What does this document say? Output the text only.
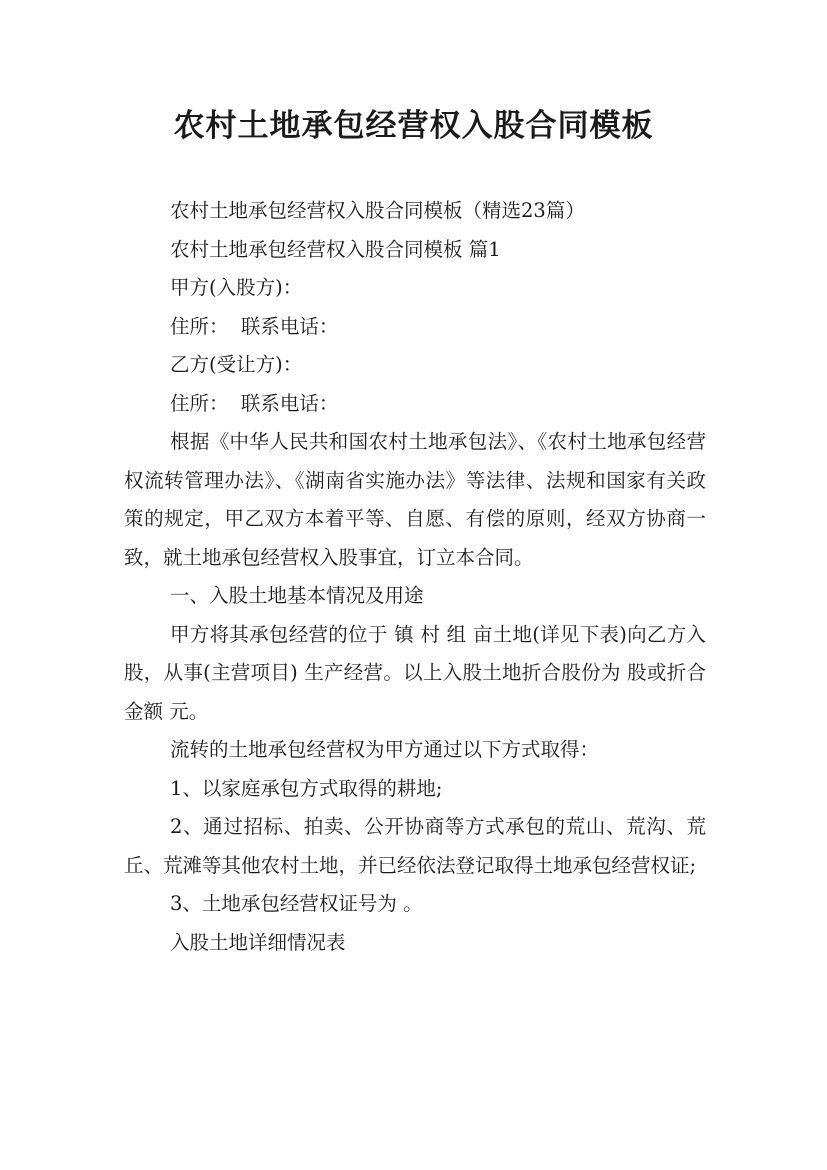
农村土地承包经营权入股合同模板

农村土地承包经营权入股合同模板（精选23篇）

农村土地承包经营权入股合同模板 篇1

甲方(入股方)：

住所：  联系电话：

乙方(受让方)：

住所：  联系电话：

根据《中华人民共和国农村土地承包法》、《农村土地承包经营权流转管理办法》、《湖南省实施办法》等法律、法规和国家有关政策的规定，甲乙双方本着平等、自愿、有偿的原则，经双方协商一致，就土地承包经营权入股事宜，订立本合同。

一、入股土地基本情况及用途

甲方将其承包经营的位于 镇 村 组 亩土地(详见下表)向乙方入股，从事(主营项目) 生产经营。以上入股土地折合股份为 股或折合金额 元。

流转的土地承包经营权为甲方通过以下方式取得：

1、以家庭承包方式取得的耕地;

2、通过招标、拍卖、公开协商等方式承包的荒山、荒沟、荒丘、荒滩等其他农村土地，并已经依法登记取得土地承包经营权证;

3、土地承包经营权证号为 。

入股土地详细情况表
